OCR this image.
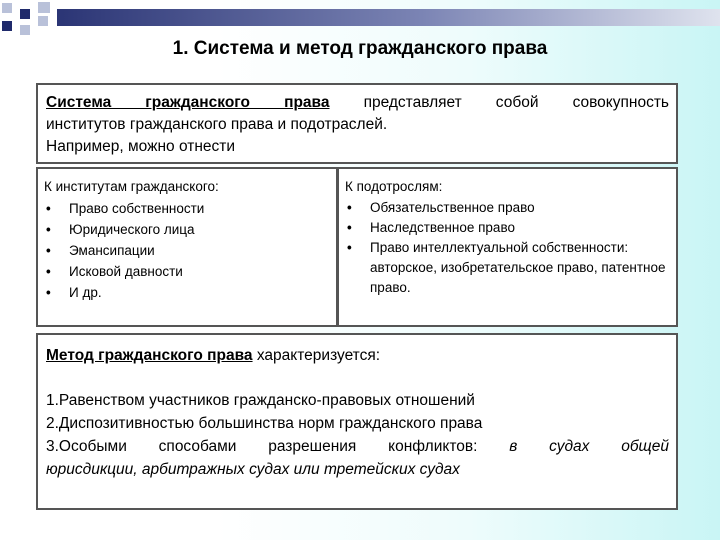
1. Система и метод гражданского права
Система гражданского права представляет собой совокупность
институтов гражданского права и подотраслей.
Например, можно отнести
К институтам гражданского:
• Право собственности
• Юридического лица
• Эмансипации
• Исковой давности
• И др.
К подотрослям:
• Обязательственное право
• Наследственное право
• Право интеллектуальной собственности: авторское, изобретательское право, патентное право.
Метод гражданского права характеризуется:
1.Равенством участников гражданско-правовых отношений
2.Диспозитивностью большинства норм гражданского права
3.Особыми способами разрешения конфликтов: в судах общей
юрисдикции, арбитражных судах или третейских судах
